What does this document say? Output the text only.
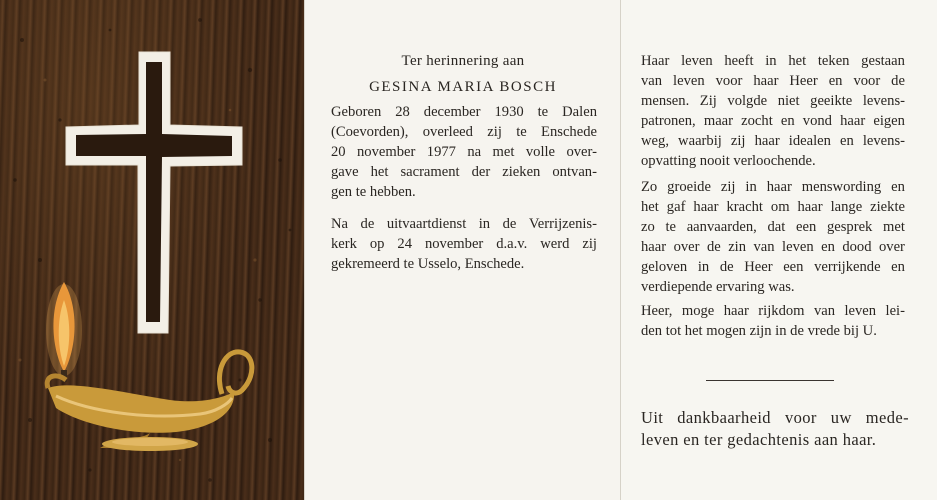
Ter herinnering aan
GESINA MARIA BOSCH
Geboren 28 december 1930 te Dalen
(Coevorden), overleed zij te Enschede
20 november 1977 na met volle over-
gave het sacrament der zieken ontvan-
gen te hebben.
Na de uitvaartdienst in de Verrijzenis-
kerk op 24 november d.a.v. werd zij
gekremeerd te Usselo, Enschede.
Haar leven heeft in het teken gestaan
van leven voor haar Heer en voor de
mensen. Zij volgde niet geeikte levens-
patronen, maar zocht en vond haar eigen
weg, waarbij zij haar idealen en levens-
opvatting nooit verloochende.
Zo groeide zij in haar menswording en
het gaf haar kracht om haar lange ziekte
zo te aanvaarden, dat een gesprek met
haar over de zin van leven en dood over
geloven in de Heer een verrijkende en
verdiepende ervaring was.
Heer, moge haar rijkdom van leven lei-
den tot het mogen zijn in de vrede bij U.
Uit dankbaarheid voor uw mede-
leven en ter gedachtenis aan haar.
